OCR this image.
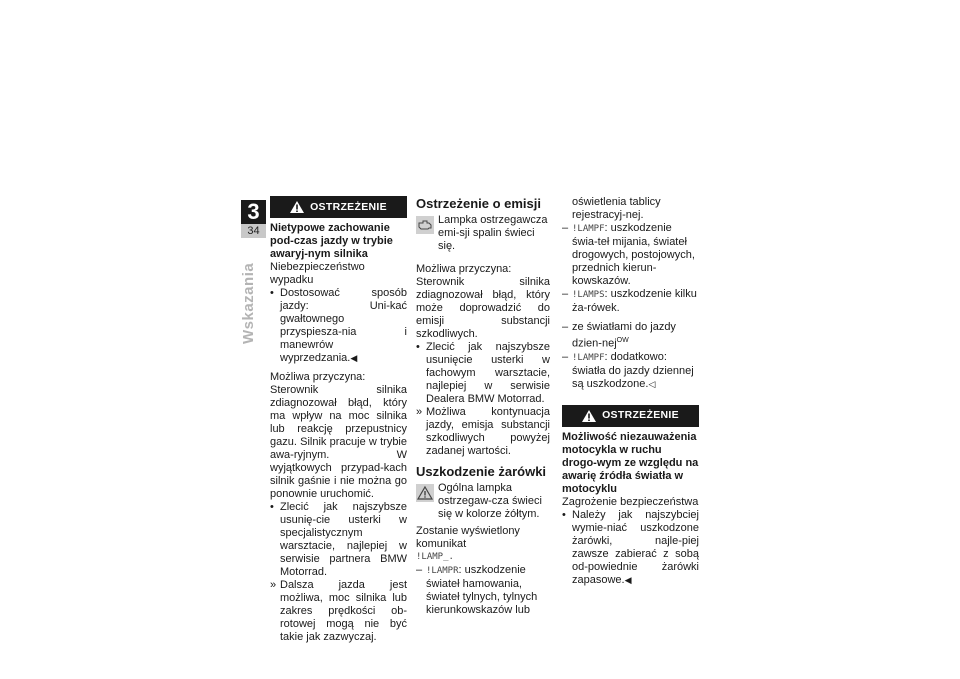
3
34
Wskazania
OSTRZEŻENIE

Nietypowe zachowanie pod-czas jazdy w trybie awaryj-nym silnika

Niebezpieczeństwo wypadku

• Dostosować sposób jazdy: Uni-kać gwałtownego przyspiesza-nia i manewrów wyprzedzania.◀

Możliwa przyczyna:

Sterownik silnika zdiagnozował błąd, który ma wpływ na moc silnika lub reakcję przepustnicy gazu. Silnik pracuje w trybie awa-ryjnym. W wyjątkowych przypad-kach silnik gaśnie i nie można go ponownie uruchomić.

• Zlecić jak najszybsze usunię-cie usterki w specjalistycznym warsztacie, najlepiej w serwisie partnera BMW Motorrad.
» Dalsza jazda jest możliwa, moc silnika lub zakres prędkości ob-rotowej mogą nie być takie jak zazwyczaj.
Ostrzeżenie o emisji

Lampka ostrzegawcza emi-sji spalin świeci się.

Możliwa przyczyna:

Sterownik silnika zdiagnozował błąd, który może doprowadzić do emisji substancji szkodliwych.

• Zlecić jak najszybsze usunięcie usterki w fachowym warsztacie, najlepiej w serwisie Dealera BMW Motorrad.
» Możliwa kontynuacja jazdy, emisja substancji szkodliwych powyżej zadanej wartości.
Uszkodzenie żarówki

Ogólna lampka ostrzegaw-cza świeci się w kolorze żółtym.

Zostanie wyświetlony komunikat

!LAMP_.

– !LAMPR: uszkodzenie świateł hamowania, świateł tylnych, tylnych kierunkowskazów lub
oświetlenia tablicy rejestracyj-nej.
– !LAMPF: uszkodzenie świa-teł mijania, świateł drogowych, postojowych, przednich kierun-kowskazów.
– !LAMPS: uszkodzenie kilku ża-rówek.
– ze światłami do jazdy dzien-nej$^{OW}$
– !LAMPF: dodatkowo: światła do jazdy dziennej są uszkodzone.◁
OSTRZEŻENIE

Możliwość niezauważenia motocykla w ruchu drogo-wym ze względu na awarię źródła światła w motocyklu

Zagrożenie bezpieczeństwa

• Należy jak najszybciej wymie-niać uszkodzone żarówki, najle-piej zawsze zabierać z sobą od-powiednie żarówki zapasowe.◀
